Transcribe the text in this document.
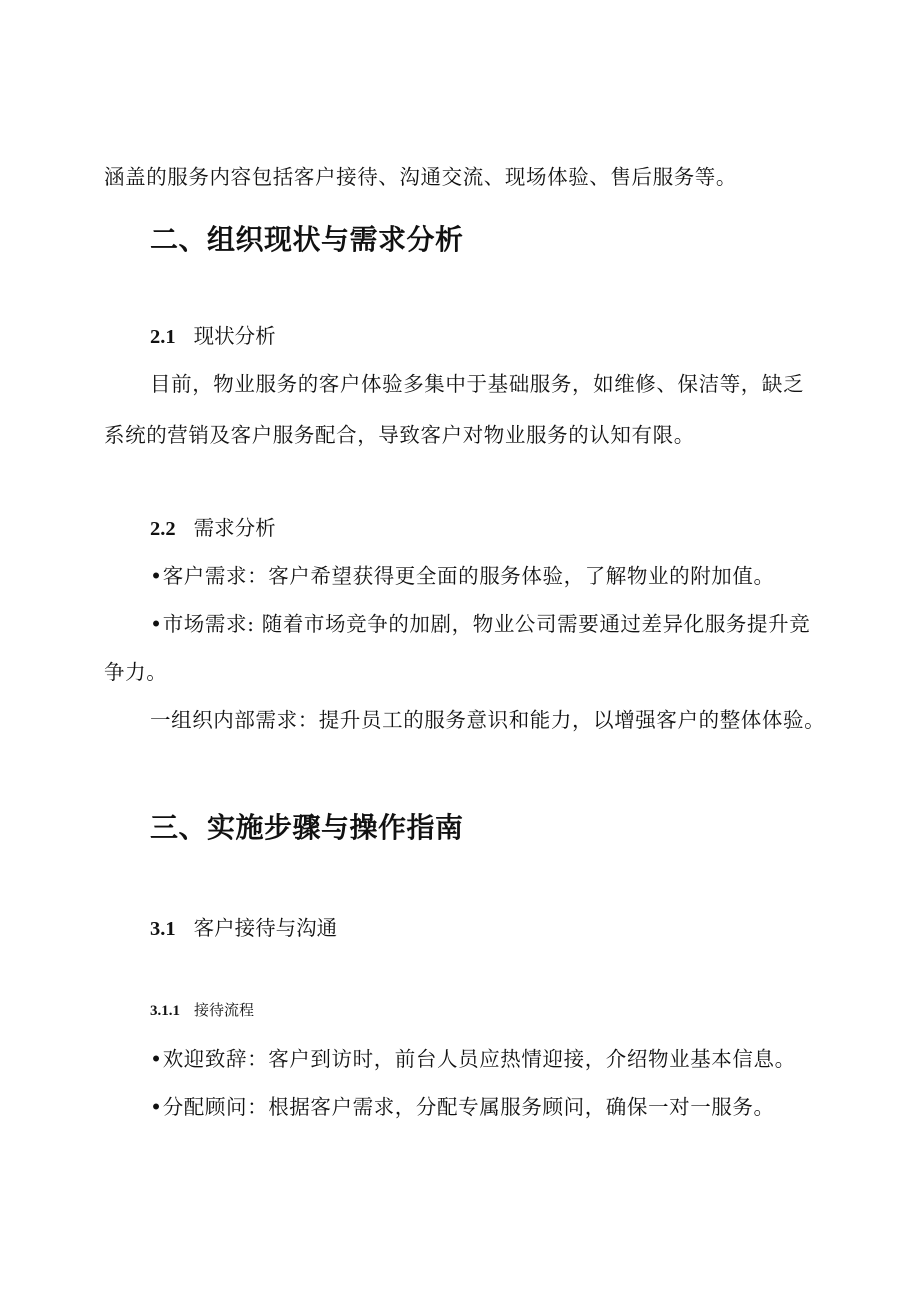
涵盖的服务内容包括客户接待、沟通交流、现场体验、售后服务等。
二、组织现状与需求分析
2.1 现状分析
目前，物业服务的客户体验多集中于基础服务，如维修、保洁等，缺乏
系统的营销及客户服务配合，导致客户对物业服务的认知有限。
2.2 需求分析
•客户需求：客户希望获得更全面的服务体验，了解物业的附加值。
•市场需求: 随着市场竞争的加剧，物业公司需要通过差异化服务提升竞
争力。
一组织内部需求：提升员工的服务意识和能力，以增强客户的整体体验。
三、实施步骤与操作指南
3.1 客户接待与沟通
3.1.1 接待流程
•欢迎致辞：客户到访时，前台人员应热情迎接，介绍物业基本信息。
•分配顾问：根据客户需求，分配专属服务顾问，确保一对一服务。
